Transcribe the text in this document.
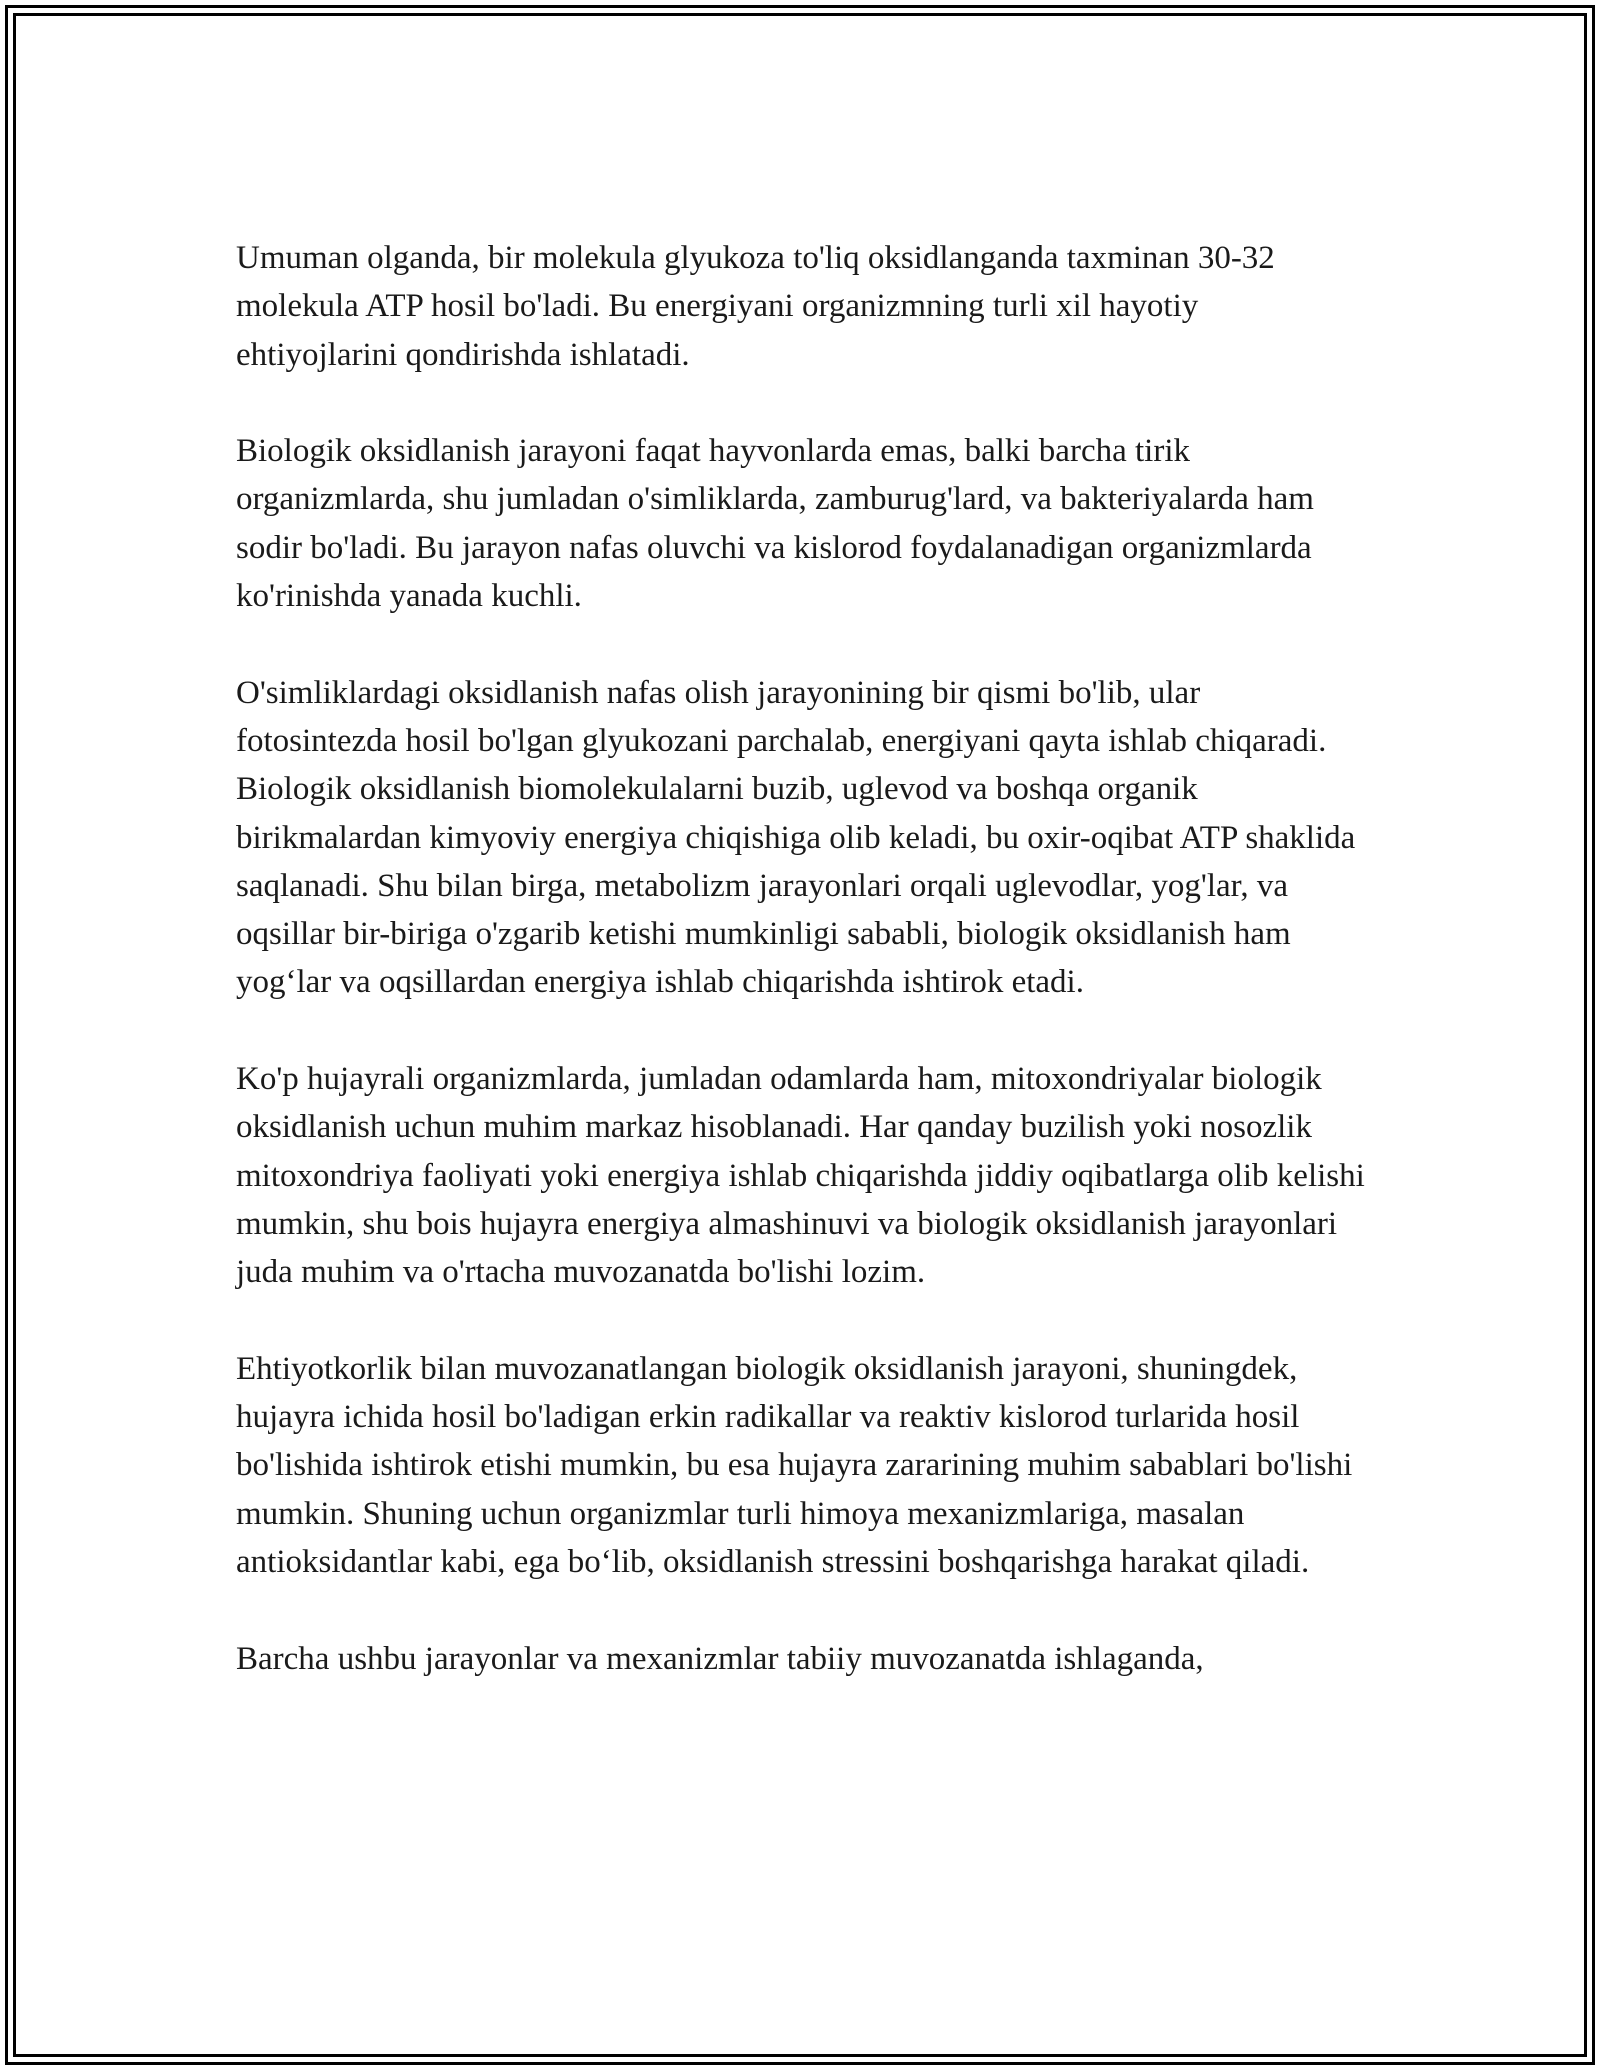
Umuman olganda, bir molekula glyukoza to'liq oksidlanganda taxminan 30-32 molekula ATP hosil bo'ladi. Bu energiyani organizmning turli xil hayotiy ehtiyojlarini qondirishda ishlatadi.

Biologik oksidlanish jarayoni faqat hayvonlarda emas, balki barcha tirik organizmlarda, shu jumladan o'simliklarda, zamburug'lard, va bakteriyalarda ham sodir bo'ladi. Bu jarayon nafas oluvchi va kislorod foydalanadigan organizmlarda ko'rinishda yanada kuchli.

O'simliklardagi oksidlanish nafas olish jarayonining bir qismi bo'lib, ular fotosintezda hosil bo'lgan glyukozani parchalab, energiyani qayta ishlab chiqaradi. Biologik oksidlanish biomolekulalarni buzib, uglevod va boshqa organik birikmalardan kimyoviy energiya chiqishiga olib keladi, bu oxir-oqibat ATP shaklida saqlanadi. Shu bilan birga, metabolizm jarayonlari orqali uglevodlar, yog'lar, va oqsillar bir-biriga o'zgarib ketishi mumkinligi sababli, biologik oksidlanish ham yog‘lar va oqsillardan energiya ishlab chiqarishda ishtirok etadi.

Ko'p hujayrali organizmlarda, jumladan odamlarda ham, mitoxondriyalar biologik oksidlanish uchun muhim markaz hisoblanadi. Har qanday buzilish yoki nosozlik mitoxondriya faoliyati yoki energiya ishlab chiqarishda jiddiy oqibatlarga olib kelishi mumkin, shu bois hujayra energiya almashinuvi va biologik oksidlanish jarayonlari juda muhim va o'rtacha muvozanatda bo'lishi lozim.

Ehtiyotkorlik bilan muvozanatlangan biologik oksidlanish jarayoni, shuningdek, hujayra ichida hosil bo'ladigan erkin radikallar va reaktiv kislorod turlarida hosil bo'lishida ishtirok etishi mumkin, bu esa hujayra zararining muhim sabablari bo'lishi mumkin. Shuning uchun organizmlar turli himoya mexanizmlariga, masalan antioksidantlar kabi, ega bo‘lib, oksidlanish stressini boshqarishga harakat qiladi.

Barcha ushbu jarayonlar va mexanizmlar tabiiy muvozanatda ishlaganda,
